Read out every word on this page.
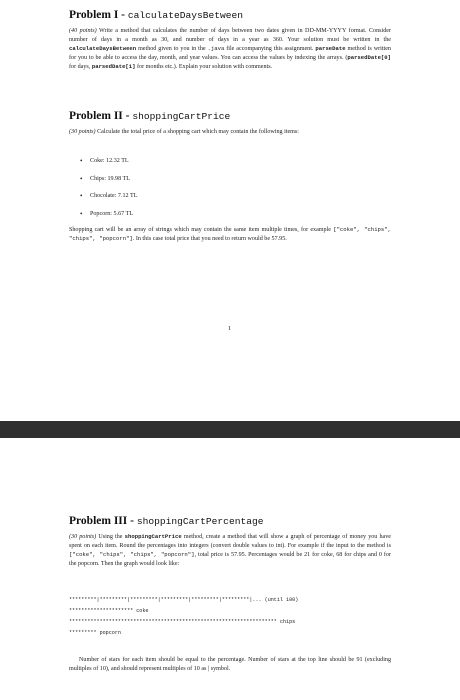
Problem I - calculateDaysBetween
(40 points) Write a method that calculates the number of days between two dates given in DD-MM-YYYY format. Consider number of days in a month as 30, and number of days in a year as 360. Your solution must be written in the calculateDaysBetween method given to you in the .java file accompanying this assignment. parseDate method is written for you to be able to access the day, month, and year values. You can access the values by indexing the arrays. (parsedDate[0] for days, parsedDate[1] for months etc.). Explain your solution with comments.
Problem II - shoppingCartPrice
(30 points) Calculate the total price of a shopping cart which may contain the following items:
• Coke: 12.32 TL
• Chips: 19.98 TL
• Chocolate: 7.12 TL
• Popcorn: 5.67 TL
Shopping cart will be an array of strings which may contain the same item multiple times, for example ["coke", "chips", "chips", "popcorn"]. In this case total price that you need to return would be 57.95.
1
Problem III - shoppingCartPercentage
(30 points) Using the shoppingCartPrice method, create a method that will show a graph of percentage of money you have spent on each item. Round the percentages into integers (convert double values to int). For example if the input to the method is ["coke", "chips", "chips", "popcorn"], total price is 57.95. Percentages would be 21 for coke, 68 for chips and 0 for the popcorn. Then the graph would look like:
*********|*********|*********|*********|*********|*********|... (until 100)
********************* coke
******************************************************************** chips
********* popcorn
Number of stars for each item should be equal to the percentage. Number of stars at the top line should be 91 (excluding multiples of 10), and should represent multiples of 10 as | symbol.
